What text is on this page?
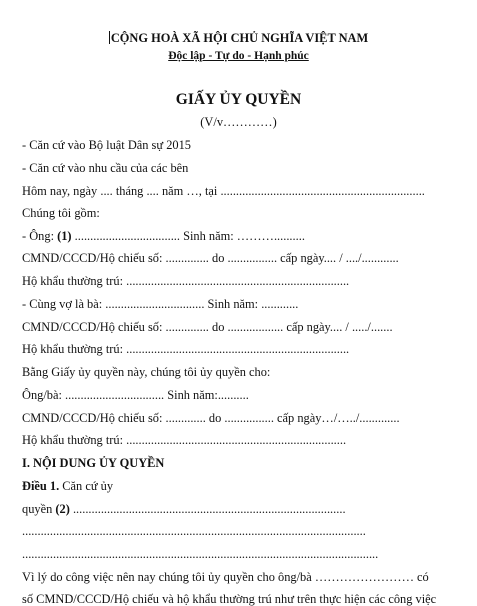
CỘNG HOÀ XÃ HỘI CHỦ NGHĨA VIỆT NAM
Độc lập - Tự do - Hạnh phúc
GIẤY ỦY QUYỀN
(V/v…………)
- Căn cứ vào Bộ luật Dân sự 2015
- Căn cứ vào nhu cầu của các bên
Hôm nay, ngày .... tháng .... năm …, tại ..................................................................
Chúng tôi gồm:
- Ông: (1) .................................. Sinh năm: ………..........
CMND/CCCD/Hộ chiếu số: .............. do ................ cấp ngày.... / ..../............
Hộ khẩu thường trú: ........................................................................
- Cùng vợ là bà: ................................ Sinh năm: ............
CMND/CCCD/Hộ chiếu số: .............. do .................. cấp ngày.... / ...../.......
Hộ khẩu thường trú: ........................................................................
Bằng Giấy ủy quyền này, chúng tôi ủy quyền cho:
Ông/bà: ................................ Sinh năm:..........
CMND/CCCD/Hộ chiếu số: ............. do ................ cấp ngày…/…../.............
Hộ khẩu thường trú: .......................................................................
I. NỘI DUNG ỦY QUYỀN
Điều 1. Căn cứ ủy
quyền (2) ........................................................................................
...............................................................................................................
...................................................................................................................
Vì lý do công việc nên nay chúng tôi ủy quyền cho ông/bà …………………… có
số CMND/CCCD/Hộ chiếu và hộ khẩu thường trú như trên thực hiện các công việc
